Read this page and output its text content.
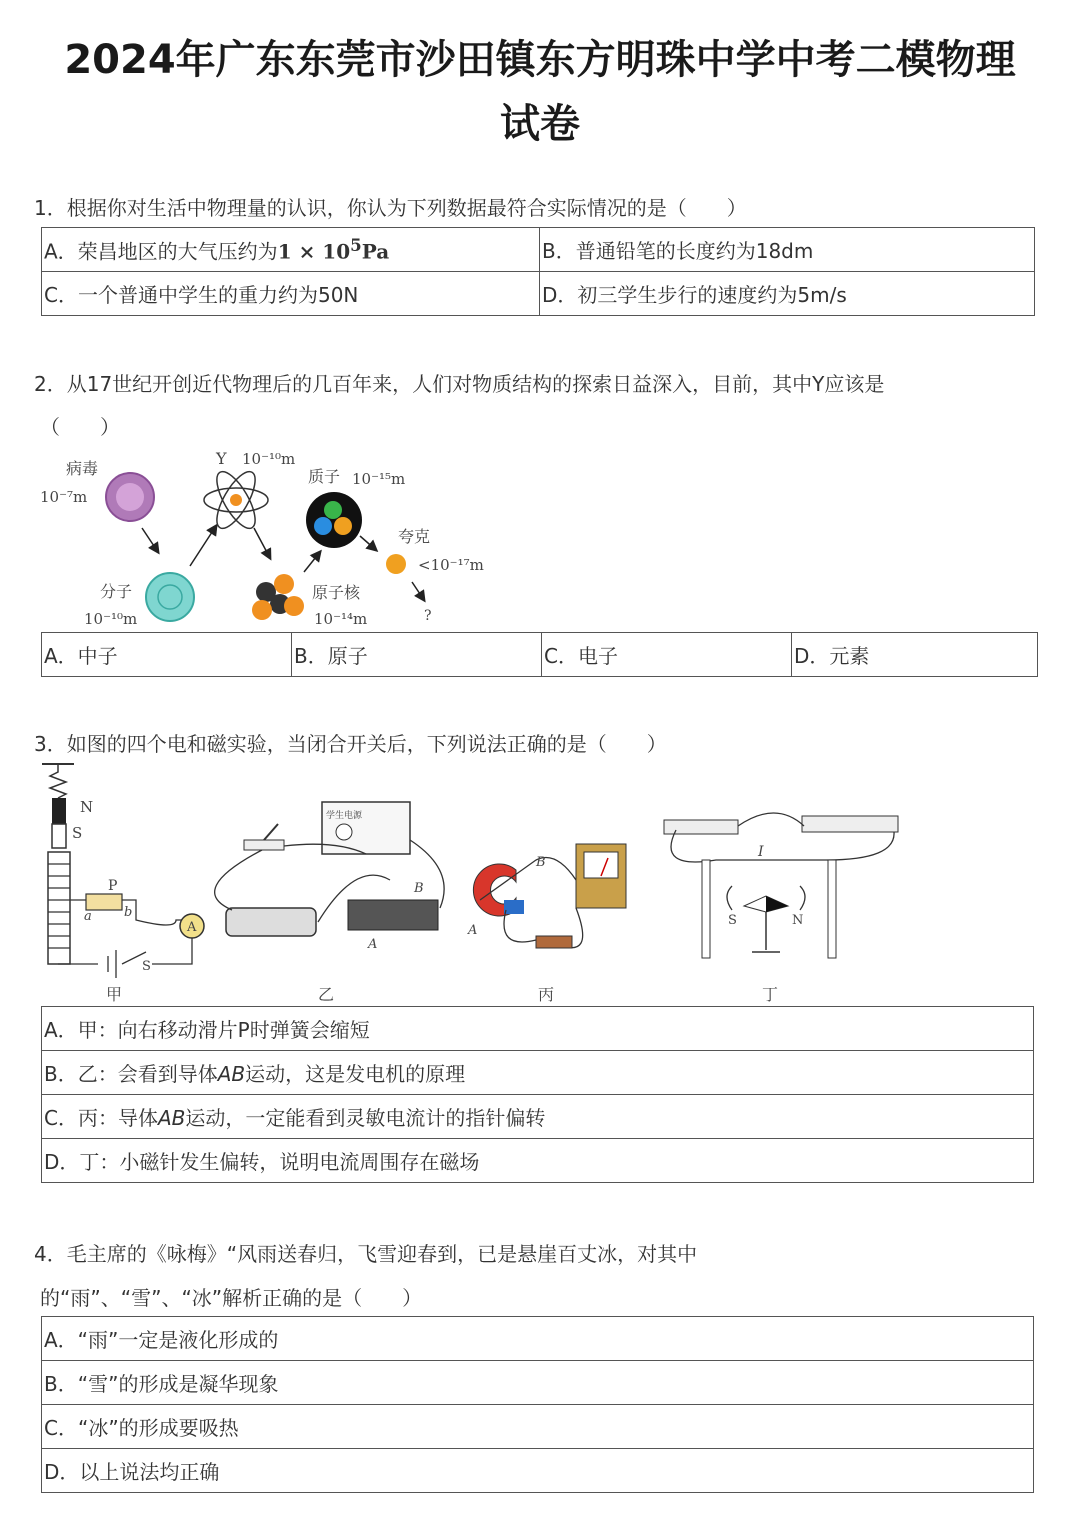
2024年广东东莞市沙田镇东方明珠中学中考二模物理
试卷
1．根据你对生活中物理量的认识，你认为下列数据最符合实际情况的是（　　）
A．荣昌地区的大气压约为$1 \times 10^5Pa$	B．普通铅笔的长度约为18dm
C．一个普通中学生的重力约为50N	D．初三学生步行的速度约为5m/s
2．从17世纪开创近代物理后的几百年来，人们对物质结构的探索日益深入，目前，其中Y应该是
（　　）
病毒
10⁻⁷m
分子
10⁻¹⁰m
Y 10⁻¹⁰m
原子核
10⁻¹⁴m
质子 10⁻¹⁵m
夸克
<10⁻¹⁷m
?
A．中子	B．原子	C．电子	D．元素
3．如图的四个电和磁实验，当闭合开关后，下列说法正确的是（　　）
N
S
P
a b
A
S
甲
学生电源
A
B
乙
B
A
丙
I
S	N
丁
A．甲：向右移动滑片P时弹簧会缩短
B．乙：会看到导体AB运动，这是发电机的原理
C．丙：导体AB运动，一定能看到灵敏电流计的指针偏转
D．丁：小磁针发生偏转，说明电流周围存在磁场
4．毛主席的《咏梅》“风雨送春归，飞雪迎春到，已是悬崖百丈冰，对其中
的“雨”、“雪”、“冰”解析正确的是（　　）
A．“雨”一定是液化形成的
B．“雪”的形成是凝华现象
C．“冰”的形成要吸热
D．以上说法均正确
